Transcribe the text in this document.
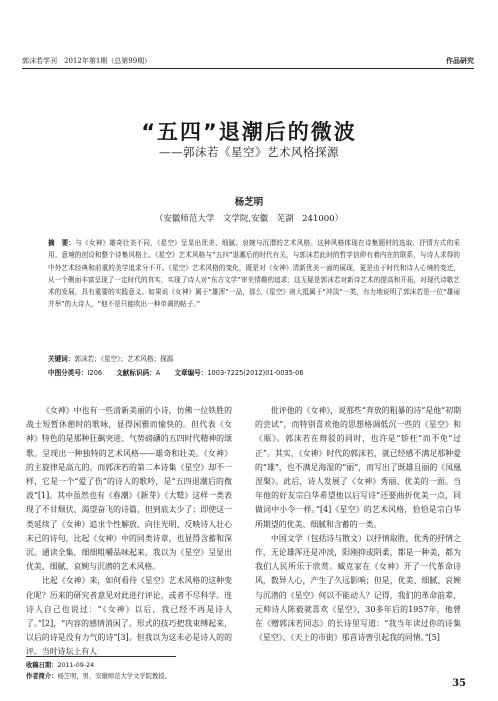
郭沫若学刊　2012年第1期（总第99期）	作品研究
“五四”退潮后的微波
——郭沫若《星空》艺术风格探源
杨芝明
（安徽师范大学　文学院,安徽　芜湖　241000）
摘　要：与《女神》雄奇壮美不同，《星空》呈显出优美、细腻、哀婉与沉潜的艺术风格。这种风格体现在诗集题材的选取、抒情方式的采用、意境的创设和整个诗集风格上。《星空》艺术风格与“五四”退潮后的时代有关，与郭沫若此时的哲学信仰有着内在的联系，与诗人求得的中外艺术经典和前重的美学追求分不开。《星空》艺术风格的变化，既是对《女神》清新优美一面的展现，更是由于时代和诗人心境的变迁，从一个侧面丰富呈现了一定时代的真实，实现了诗人对“东方文学”审美情趣的追求；这无疑是郭沫若对新诗艺术的提高和开拓，对现代诗歌艺术的发展，具有重要的实践意义。如果说《女神》属于“雄浑”一品，那么《星空》则大抵属于“冲淡”一类，有力地说明了郭沫若是一位“雄丽并举”的大诗人，“他不是只能吹出一种单调的帖子。”
关键词：郭沫若；《星空》；艺术风格；探源
中图分类号：I206 文献标识码：A 文章编号：1003-7225(2012)01-0035-06

《女神》中也有一些清新美丽的小诗，仿佛一位铁胜的战士短暂休憩时的歌咏，显得闲雅而愉快的。但代表《女神》特色的是那种狂飙突进、气势磅礴的五四时代精神的颂歌。呈现出一种独特的艺术风格——雄奇和壮美。《女神》的主旋律是高亢的。而郭沫若的第二本诗集《星空》却不一样，它是一个“爱了伤”的诗人的歌吟，是“五四退潮后的微波”[1]。其中虽然也有《春潮》《新芽》《大鹫》这样一类表现了不甘颓伏、渴望奋飞的诗篇，但到底太少了；即使这一类延续了《女神》追求个性解放、向往光明、反映诗人壮心未已的诗句，比起《女神》中的同类诗章，也显得含蓄和深沉。通读全集，细细咀嚼品味起来，我以为《星空》呈显出优美、细腻、哀婉与沉潜的艺术风格。

比起《女神》来，如何看待《星空》艺术风格的这种变化呢？历来的研究者意见对此进行评论，或者不尽科学。连诗人自己也说过：“《女神》以后，我已经不再是诗人了。”[2]，“内容的感情消闲了。形式的技巧把我束缚起来，以后的诗是没有力气的诗”[3]。但我以为这未必是诗人的的评。当时诗坛上有人

批评他的《女神》，说那些“奔放的粗暴的诗”是他“初期的尝试”，而特别喜欢他的思想格调低沉一些的《星空》和《瓶》。郭沫若在辩驳的同时，也许是“矫枉”而不免“过正”。其实，《女神》时代的郭沫若，就已经感不满足那种爱的“雄”，也不满足海湿的“丽”，而写出了既雄且丽的《凤凰涅槃》。此后，诗人发展了《女神》秀丽、优美的一面。当年他的好友宗白华希望他以后写诗“还要曲折优美一点，同做词中小令一样。”[4]《星空》的艺术风格，恰恰是宗白华所期望的优美、细腻和含蓄的一类。

中国文学（包括诗与散文）以抒情取胜，优秀的抒情之作，无论雄浑还是冲淡，阳刚抑或阴柔，都是一种美，都为我们人民所乐于欣赏。臧克家在《女神》开了一代革命诗风，数异人心，产生了久远影响；但是，优美、细腻、哀婉与沉潜的《星空》何以不能动人？记得，我们的革命前辈、元帅诗人陈毅就喜欢《星空》，30多年后的1957年，他曾在《赠郭沫若同志》的长诗里写道：“我当年读过你的诗集《星空》、《天上的市街》那首诗曾引起我的同情。”[5]

收稿日期：2011-09-24
作者简介：杨芝明，男，安徽师范大学文学院教授。
35
